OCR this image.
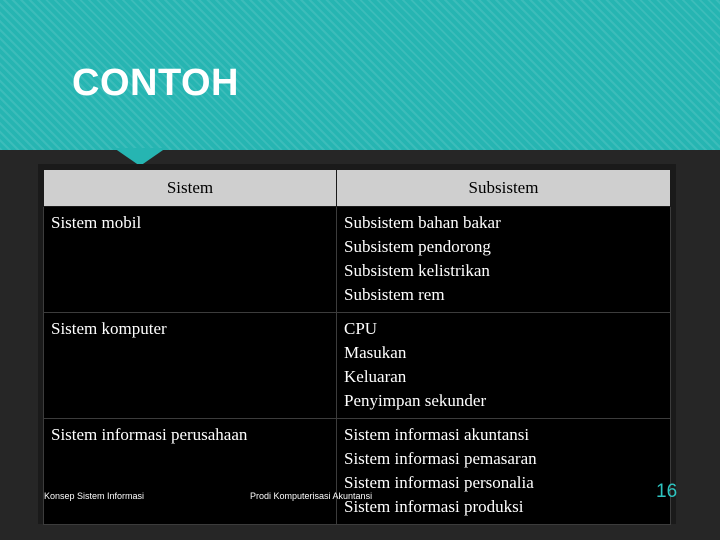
CONTOH
Sistem	Subsistem
Sistem mobil	Subsistem bahan bakar
Subsistem pendorong
Subsistem kelistrikan
Subsistem rem

Sistem komputer	CPU
Masukan
Keluaran
Penyimpan sekunder

Sistem informasi perusahaan	Sistem informasi akuntansi
Sistem informasi pemasaran
Sistem informasi personalia
Sistem informasi produksi
Konsep Sistem Informasi	Prodi Komputerisasi Akuntansi	16
